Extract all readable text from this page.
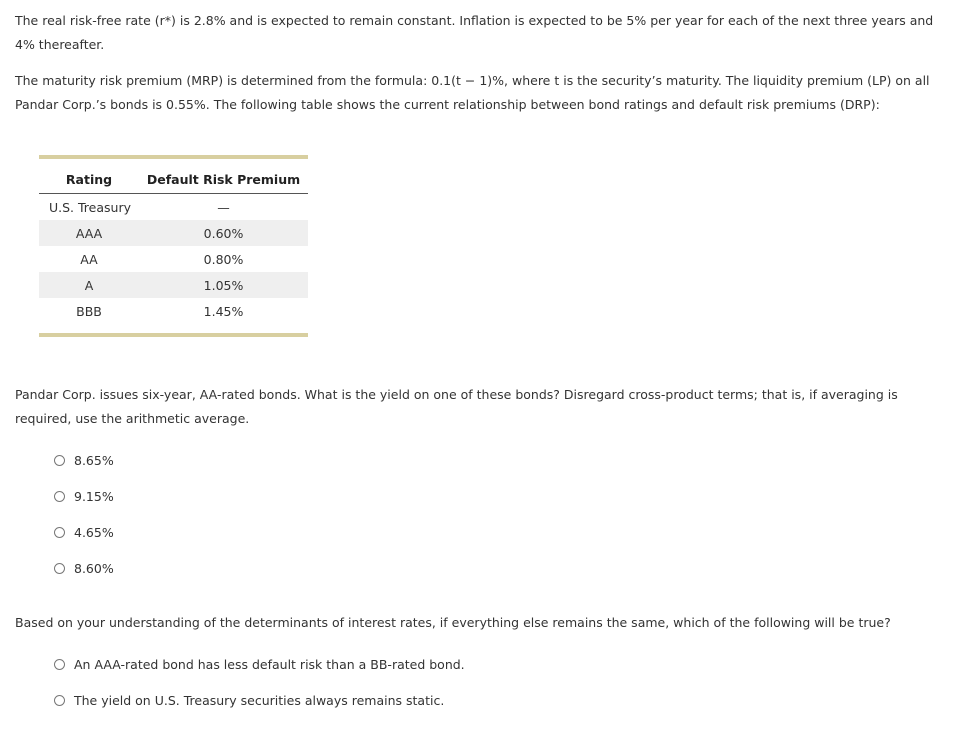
The real risk-free rate (r*) is 2.8% and is expected to remain constant. Inflation is expected to be 5% per year for each of the next three years and 4% thereafter.

The maturity risk premium (MRP) is determined from the formula: 0.1(t − 1)%, where t is the security’s maturity. The liquidity premium (LP) on all Pandar Corp.’s bonds is 0.55%. The following table shows the current relationship between bond ratings and default risk premiums (DRP):

Rating	Default Risk Premium
U.S. Treasury	—
AAA	0.60%
AA	0.80%
A	1.05%
BBB	1.45%

Pandar Corp. issues six-year, AA-rated bonds. What is the yield on one of these bonds? Disregard cross-product terms; that is, if averaging is required, use the arithmetic average.

8.65%
9.15%
4.65%
8.60%

Based on your understanding of the determinants of interest rates, if everything else remains the same, which of the following will be true?

An AAA-rated bond has less default risk than a BB-rated bond.
The yield on U.S. Treasury securities always remains static.
